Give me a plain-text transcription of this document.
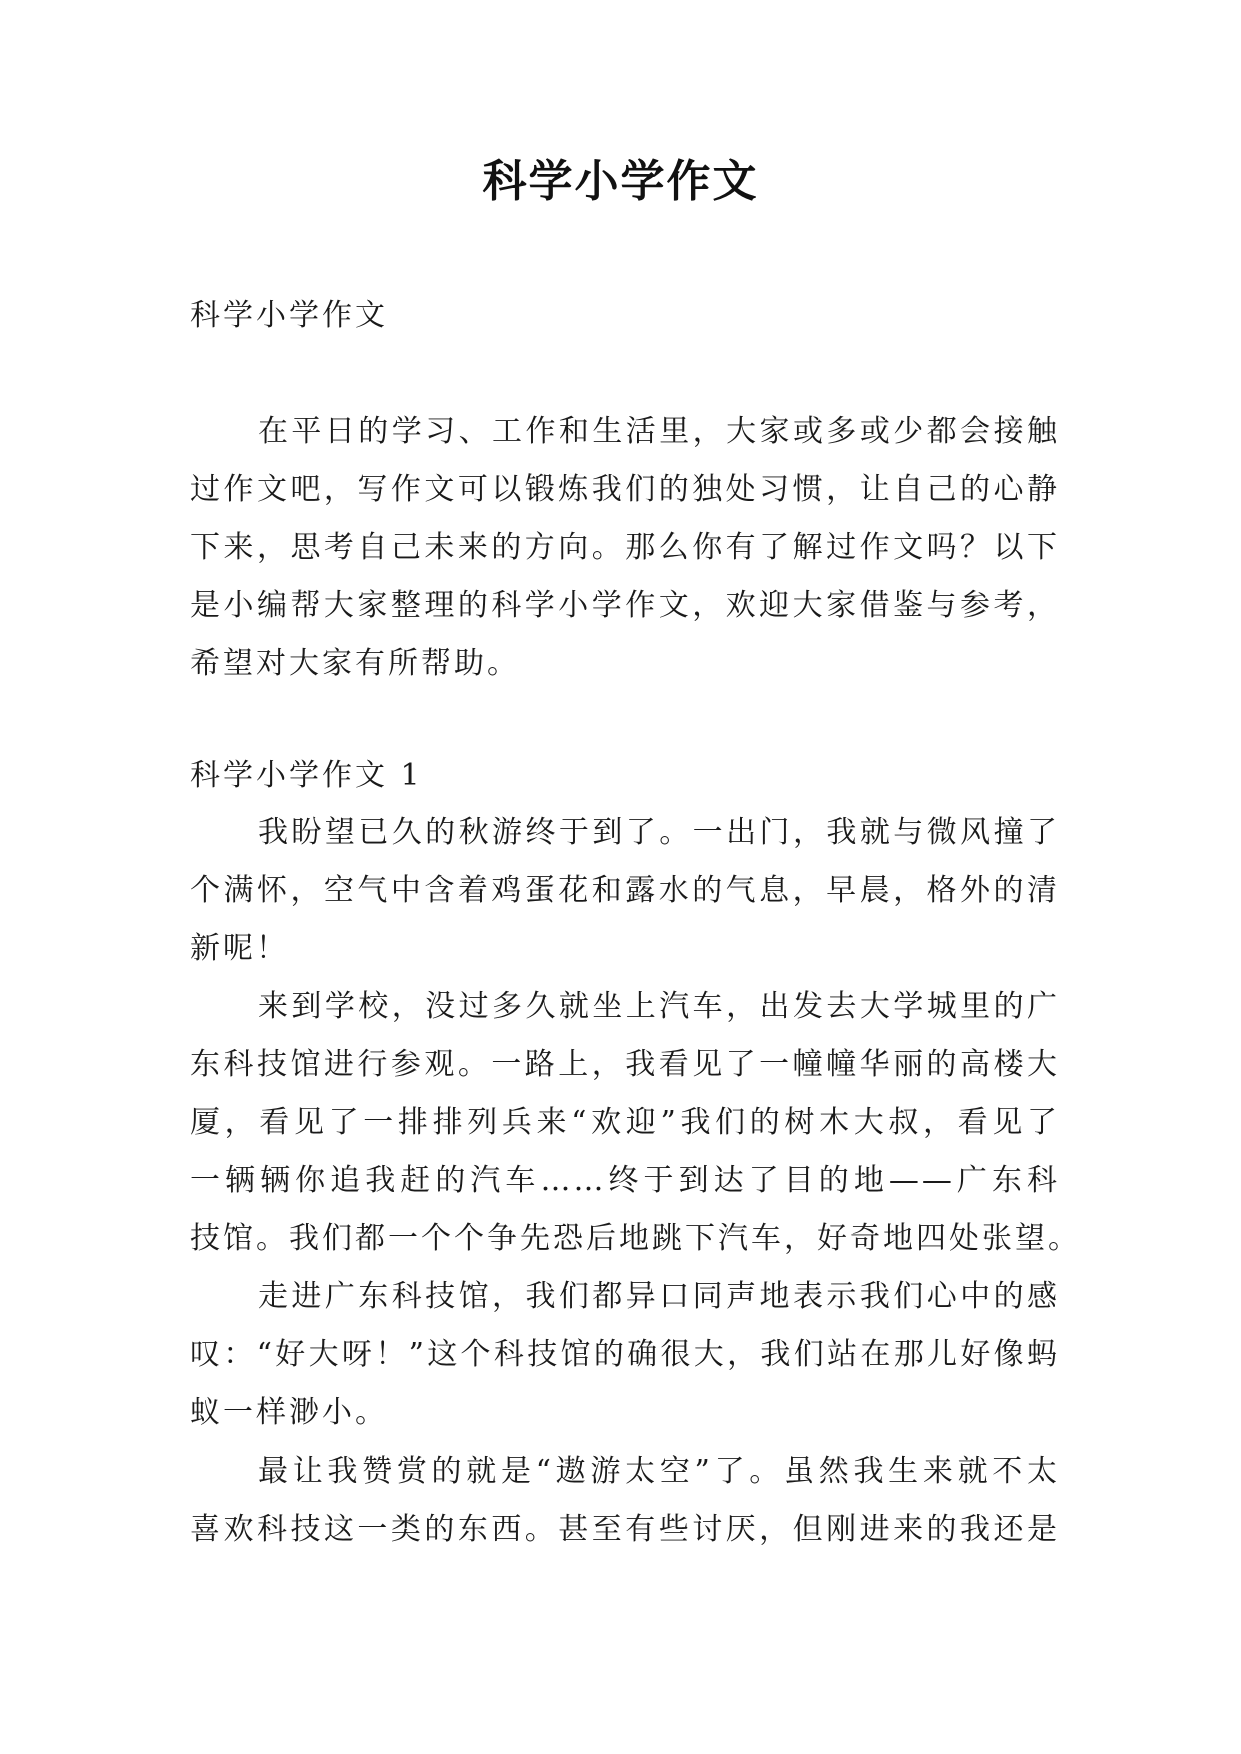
科学小学作文
科学小学作文
在平日的学习、工作和生活里，大家或多或少都会接触
过作文吧，写作文可以锻炼我们的独处习惯，让自己的心静
下来，思考自己未来的方向。那么你有了解过作文吗？以下
是小编帮大家整理的科学小学作文，欢迎大家借鉴与参考，
希望对大家有所帮助。
科学小学作文 1
我盼望已久的秋游终于到了。一出门，我就与微风撞了
个满怀，空气中含着鸡蛋花和露水的气息，早晨，格外的清
新呢！
来到学校，没过多久就坐上汽车，出发去大学城里的广
东科技馆进行参观。一路上，我看见了一幢幢华丽的高楼大
厦，看见了一排排列兵来“欢迎”我们的树木大叔，看见了
一辆辆你追我赶的汽车……终于到达了目的地——广东科
技馆。我们都一个个争先恐后地跳下汽车，好奇地四处张望。
走进广东科技馆，我们都异口同声地表示我们心中的感
叹：“好大呀！”这个科技馆的确很大，我们站在那儿好像蚂
蚁一样渺小。
最让我赞赏的就是“遨游太空”了。虽然我生来就不太
喜欢科技这一类的东西。甚至有些讨厌，但刚进来的我还是
